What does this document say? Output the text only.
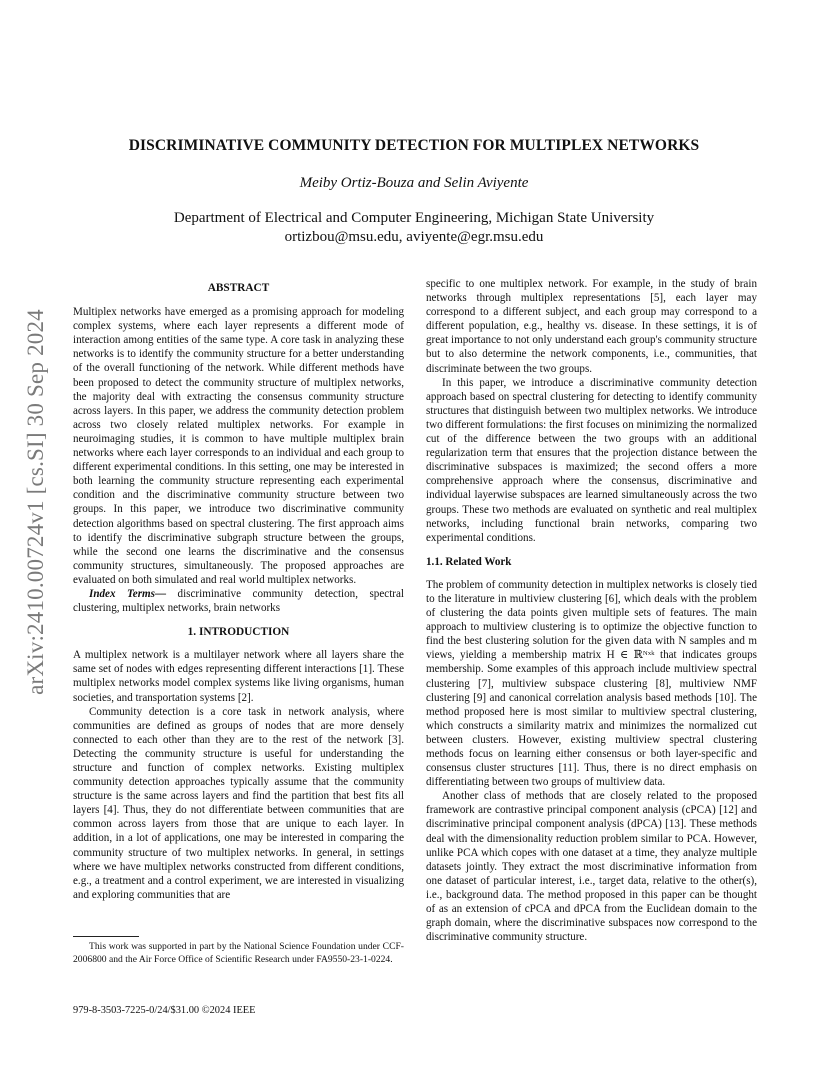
arXiv:2410.00724v1 [cs.SI] 30 Sep 2024
DISCRIMINATIVE COMMUNITY DETECTION FOR MULTIPLEX NETWORKS
Meiby Ortiz-Bouza and Selin Aviyente
Department of Electrical and Computer Engineering, Michigan State University
ortizbou@msu.edu, aviyente@egr.msu.edu
ABSTRACT

Multiplex networks have emerged as a promising approach for modeling complex systems, where each layer represents a different mode of interaction among entities of the same type. A core task in analyzing these networks is to identify the community structure for a better understanding of the overall functioning of the network. While different methods have been proposed to detect the community structure of multiplex networks, the majority deal with extracting the consensus community structure across layers. In this paper, we address the community detection problem across two closely related multiplex networks. For example in neuroimaging studies, it is common to have multiple multiplex brain networks where each layer corresponds to an individual and each group to different experimental conditions. In this setting, one may be interested in both learning the community structure representing each experimental condition and the discriminative community structure between two groups. In this paper, we introduce two discriminative community detection algorithms based on spectral clustering. The first approach aims to identify the discriminative subgraph structure between the groups, while the second one learns the discriminative and the consensus community structures, simultaneously. The proposed approaches are evaluated on both simulated and real world multiplex networks.

Index Terms— discriminative community detection, spectral clustering, multiplex networks, brain networks

1. INTRODUCTION

A multiplex network is a multilayer network where all layers share the same set of nodes with edges representing different interactions [1]. These multiplex networks model complex systems like living organisms, human societies, and transportation systems [2].

Community detection is a core task in network analysis, where communities are defined as groups of nodes that are more densely connected to each other than they are to the rest of the network [3]. Detecting the community structure is useful for understanding the structure and function of complex networks. Existing multiplex community detection approaches typically assume that the community structure is the same across layers and find the partition that best fits all layers [4]. Thus, they do not differentiate between communities that are common across layers from those that are unique to each layer. In addition, in a lot of applications, one may be interested in comparing the community structure of two multiplex networks. In general, in settings where we have multiplex networks constructed from different conditions, e.g., a treatment and a control experiment, we are interested in visualizing and exploring communities that are

This work was supported in part by the National Science Foundation under CCF-2006800 and the Air Force Office of Scientific Research under FA9550-23-1-0224.
979-8-3503-7225-0/24/$31.00 ©2024 IEEE

specific to one multiplex network. For example, in the study of brain networks through multiplex representations [5], each layer may correspond to a different subject, and each group may correspond to a different population, e.g., healthy vs. disease. In these settings, it is of great importance to not only understand each group's community structure but to also determine the network components, i.e., communities, that discriminate between the two groups.

In this paper, we introduce a discriminative community detection approach based on spectral clustering for detecting to identify community structures that distinguish between two multiplex networks. We introduce two different formulations: the first focuses on minimizing the normalized cut of the difference between the two groups with an additional regularization term that ensures that the projection distance between the discriminative subspaces is maximized; the second offers a more comprehensive approach where the consensus, discriminative and individual layerwise subspaces are learned simultaneously across the two groups. These two methods are evaluated on synthetic and real multiplex networks, including functional brain networks, comparing two experimental conditions.

1.1. Related Work

The problem of community detection in multiplex networks is closely tied to the literature in multiview clustering [6], which deals with the problem of clustering the data points given multiple sets of features. The main approach to multiview clustering is to optimize the objective function to find the best clustering solution for the given data with N samples and m views, yielding a membership matrix H ∈ ℝᴺˣᵏ that indicates groups membership. Some examples of this approach include multiview spectral clustering [7], multiview subspace clustering [8], multiview NMF clustering [9] and canonical correlation analysis based methods [10]. The method proposed here is most similar to multiview spectral clustering, which constructs a similarity matrix and minimizes the normalized cut between clusters. However, existing multiview spectral clustering methods focus on learning either consensus or both layer-specific and consensus cluster structures [11]. Thus, there is no direct emphasis on differentiating between two groups of multiview data.

Another class of methods that are closely related to the proposed framework are contrastive principal component analysis (cPCA) [12] and discriminative principal component analysis (dPCA) [13]. These methods deal with the dimensionality reduction problem similar to PCA. However, unlike PCA which copes with one dataset at a time, they analyze multiple datasets jointly. They extract the most discriminative information from one dataset of particular interest, i.e., target data, relative to the other(s), i.e., background data. The method proposed in this paper can be thought of as an extension of cPCA and dPCA from the Euclidean domain to the graph domain, where the discriminative subspaces now correspond to the discriminative community structure.
